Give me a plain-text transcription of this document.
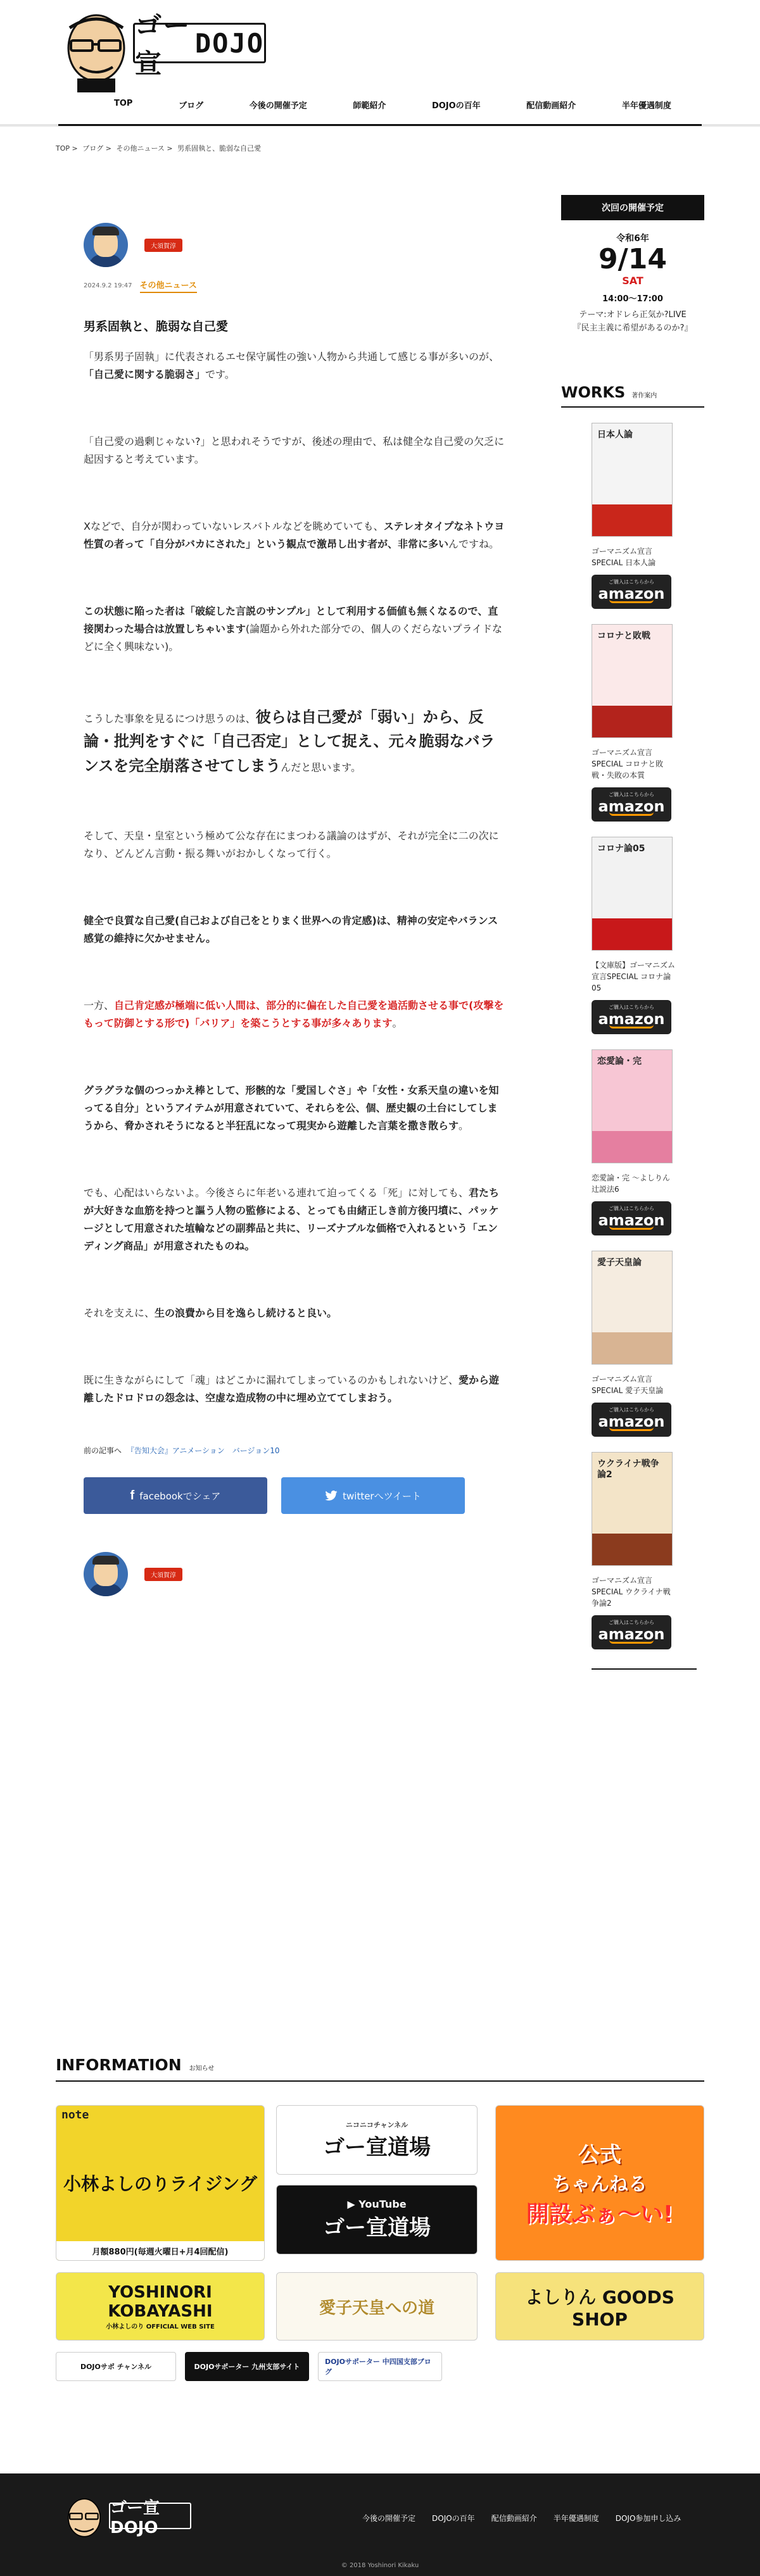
ゴー宣
DOJO
TOP	ブログ	今後の開催予定	師範紹介	DOJOの百年	配信動画紹介	半年優遇制度
TOP > ブログ > その他ニュース > 男系固執と、脆弱な自己愛
大須賀淳
2024.9.2 19:47 その他ニュース
男系固執と、脆弱な自己愛

「男系男子固執」に代表されるエセ保守属性の強い人物から共通して感じる事が多いのが、「自己愛に関する脆弱さ」です。

「自己愛の過剰じゃない?」と思われそうですが、後述の理由で、私は健全な自己愛の欠乏に起因すると考えています。

Xなどで、自分が関わっていないレスバトルなどを眺めていても、ステレオタイプなネトウヨ性質の者って「自分がバカにされた」という観点で激昂し出す者が、非常に多いんですね。

この状態に陥った者は「破綻した言説のサンプル」として利用する価値も無くなるので、直接関わった場合は放置しちゃいます(論題から外れた部分での、個人のくだらないプライドなどに全く興味ない)。

こうした事象を見るにつけ思うのは、彼らは自己愛が「弱い」から、反論・批判をすぐに「自己否定」として捉え、元々脆弱なバランスを完全崩落させてしまうんだと思います。

そして、天皇・皇室という極めて公な存在にまつわる議論のはずが、それが完全に二の次になり、どんどん言動・振る舞いがおかしくなって行く。

健全で良質な自己愛(自己および自己をとりまく世界への肯定感)は、精神の安定やバランス感覚の維持に欠かせません。

一方、自己肯定感が極端に低い人間は、部分的に偏在した自己愛を過活動させる事で(攻撃をもって防御とする形で)「バリア」を築こうとする事が多々あります。

グラグラな個のつっかえ棒として、形骸的な「愛国しぐさ」や「女性・女系天皇の違いを知ってる自分」というアイテムが用意されていて、それらを公、個、歴史観の土台にしてしまうから、脅かされそうになると半狂乱になって現実から遊離した言葉を撒き散らす。

でも、心配はいらないよ。今後さらに年老いる連れて迫ってくる「死」に対しても、君たちが大好きな血筋を持つと謳う人物の監修による、とっても由緒正しき前方後円墳に、パッケージとして用意された埴輪などの副葬品と共に、リーズナブルな価格で入れるという「エンディング商品」が用意されたものね。

それを支えに、生の浪費から目を逸らし続けると良い。

既に生きながらにして「魂」はどこかに漏れてしまっているのかもしれないけど、愛から遊離したドロドロの怨念は、空虚な造成物の中に埋め立ててしまおう。

前の記事へ 『告知大会』アニメーション　バージョン10
f facebookでシェア	twitterへツイート
大須賀淳
次回の開催予定
令和6年
9/14
SAT
14:00〜17:00
テーマ:オドレら正気か?LIVE『民主主義に希望があるのか?』
WORKS 著作案内
日本人論
ゴーマニズム宣言SPECIAL 日本人論
ご購入はこちらから
amazon
コロナと敗戦
ゴーマニズム宣言SPECIAL コロナと敗戦・失敗の本質
ご購入はこちらから
amazon
コロナ論05
【文庫版】ゴーマニズム宣言SPECIAL コロナ論05
ご購入はこちらから
amazon
恋愛論・完
恋愛論・完 ～よしりん辻説法6
ご購入はこちらから
amazon
愛子天皇論
ゴーマニズム宣言SPECIAL 愛子天皇論
ご購入はこちらから
amazon
ウクライナ戦争論2
ゴーマニズム宣言SPECIAL ウクライナ戦争論2
ご購入はこちらから
amazon
INFORMATION お知らせ
note
小林よしのりライジング
月額880円(毎週火曜日+月4回配信)
ニコニコチャンネル
ゴー宣道場
▶ YouTube
ゴー宣道場
公式
ちゃんねる
開設ぶぁ〜い!
YOSHINORI KOBAYASHI
小林よしのり OFFICIAL WEB SITE
愛子天皇への道
よしりん GOODS SHOP
DOJOサポ チャンネル	DOJOサポーター 九州支部サイト
DOJOサポーター 中四国支部ブログ
ゴー宣DOJO	今後の開催予定 DOJOの百年 配信動画紹介 半年優遇制度 DOJO参加申し込み
© 2018 Yoshinori Kikaku
